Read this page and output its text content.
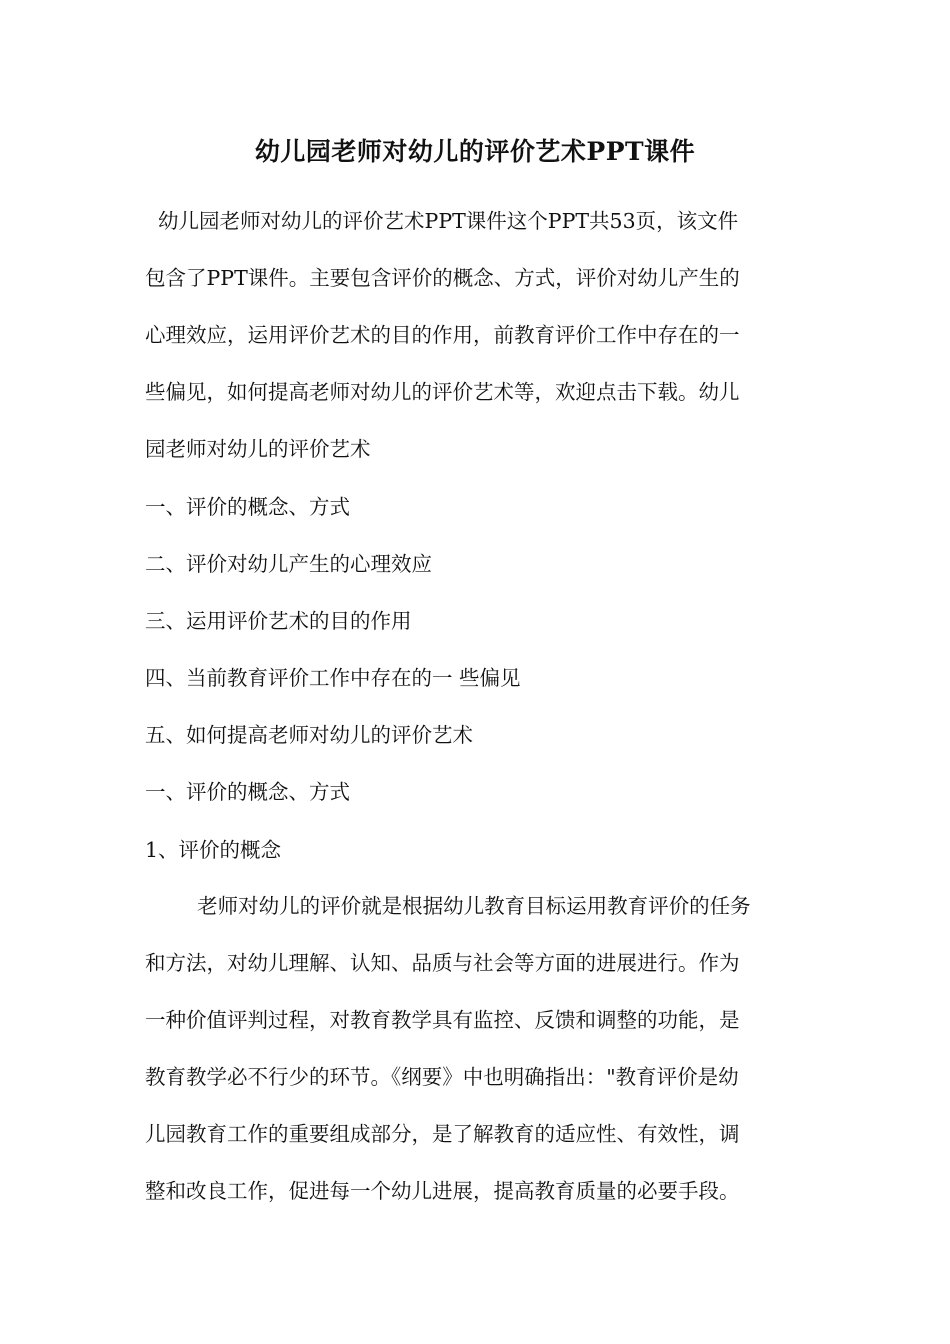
幼儿园老师对幼儿的评价艺术PPT课件
幼儿园老师对幼儿的评价艺术PPT课件这个PPT共53页，该文件
包含了PPT课件。主要包含评价的概念、方式，评价对幼儿产生的
心理效应，运用评价艺术的目的作用，前教育评价工作中存在的一
些偏见，如何提高老师对幼儿的评价艺术等，欢迎点击下载。幼儿
园老师对幼儿的评价艺术
一、评价的概念、方式
二、评价对幼儿产生的心理效应
三、运用评价艺术的目的作用
四、当前教育评价工作中存在的一 些偏见
五、如何提高老师对幼儿的评价艺术
一、评价的概念、方式
1、评价的概念
老师对幼儿的评价就是根据幼儿教育目标运用教育评价的任务
和方法，对幼儿理解、认知、品质与社会等方面的进展进行。作为
一种价值评判过程，对教育教学具有监控、反馈和调整的功能，是
教育教学必不行少的环节。《纲要》中也明确指出："教育评价是幼
儿园教育工作的重要组成部分，是了解教育的适应性、有效性，调
整和改良工作，促进每一个幼儿进展，提高教育质量的必要手段。
